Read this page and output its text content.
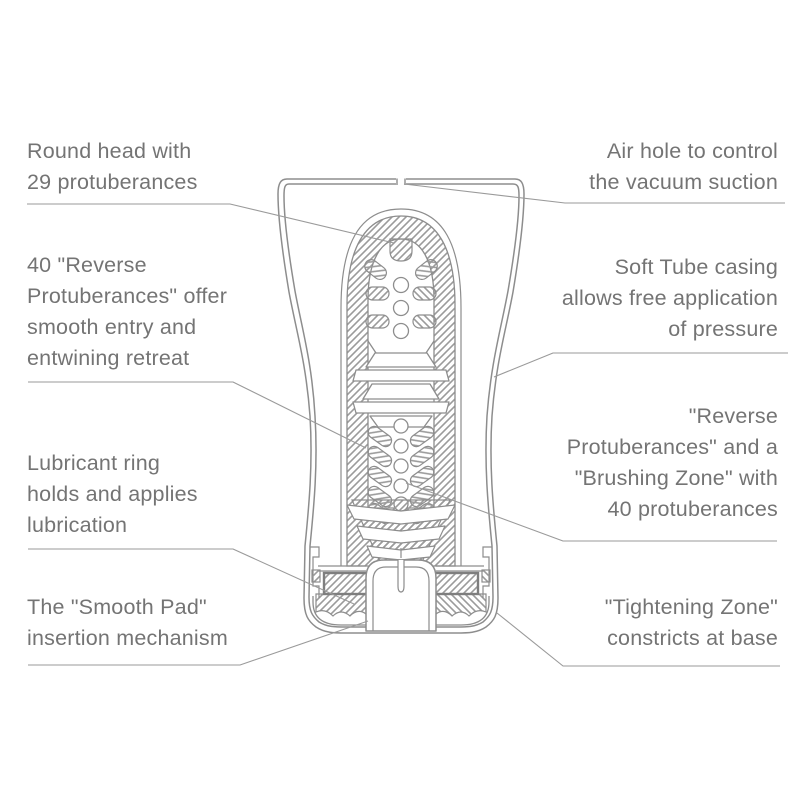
Round head with
29 protuberances
40 "Reverse
Protuberances" offer
smooth entry and
entwining retreat
Lubricant ring
holds and applies
lubrication
The "Smooth Pad"
insertion mechanism
Air hole to control
the vacuum suction
Soft Tube casing
allows free application
of pressure
"Reverse
Protuberances" and a
"Brushing Zone" with
40 protuberances
"Tightening Zone"
constricts at base
